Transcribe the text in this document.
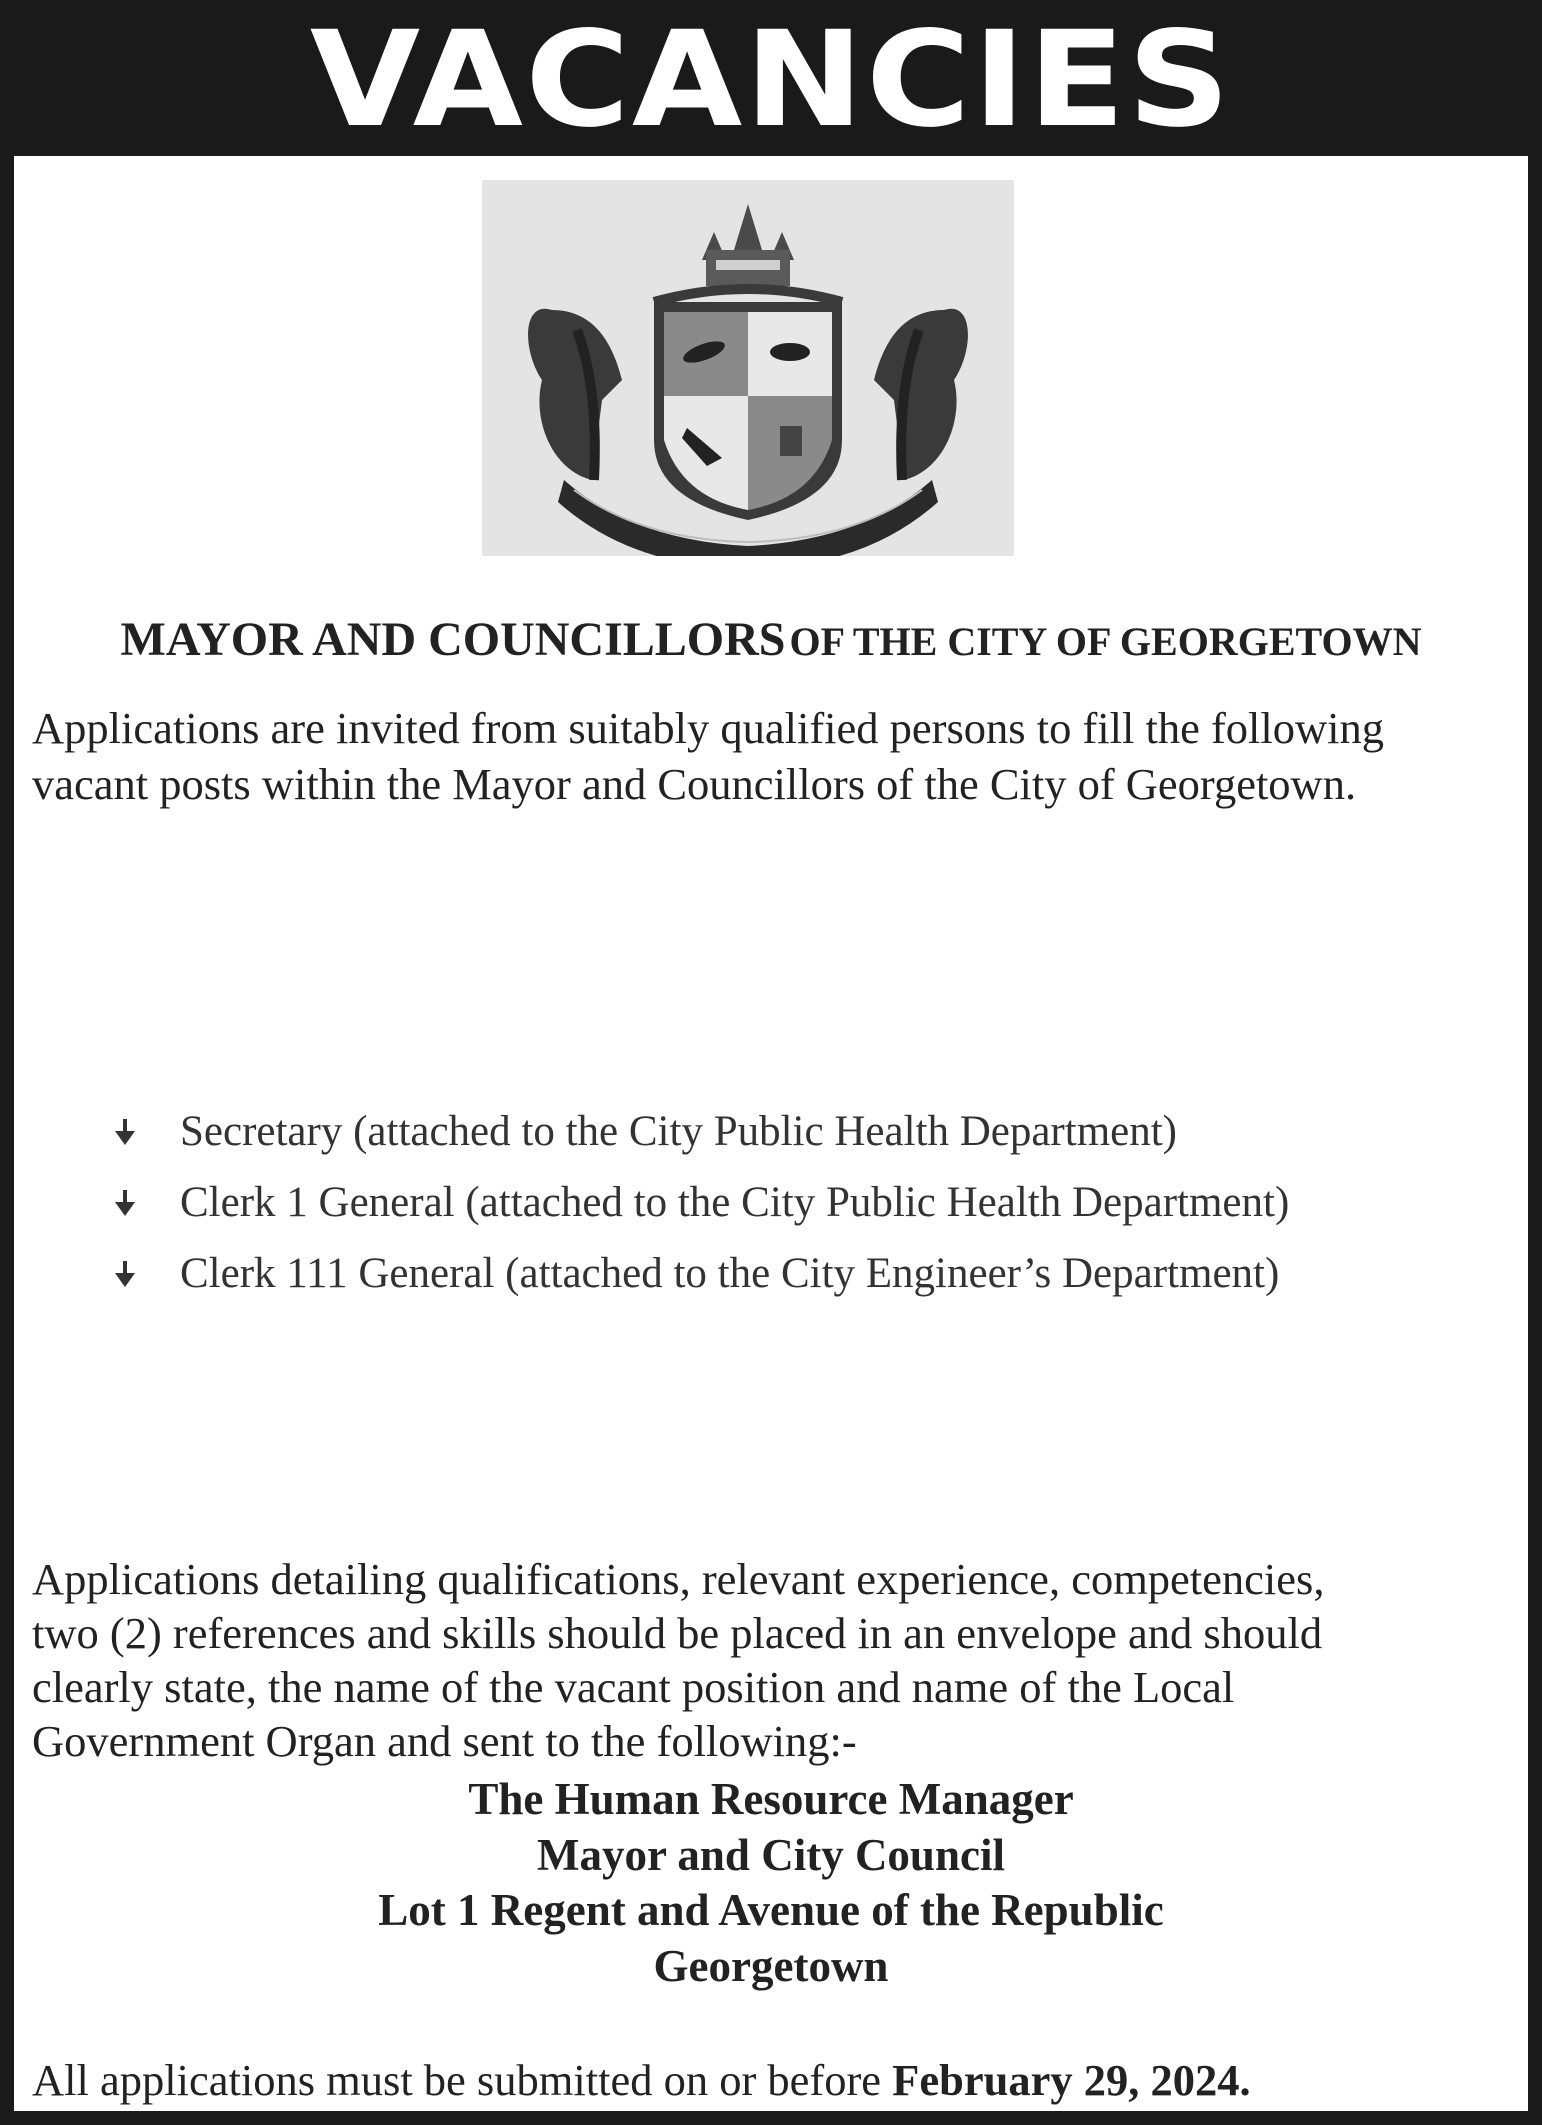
VACANCIES
MAYOR AND COUNCILLORS OF THE CITY OF GEORGETOWN

Applications are invited from suitably qualified persons to fill the following

vacant posts within the Mayor and Councillors of the City of Georgetown.

Secretary (attached to the City Public Health Department)
Clerk 1 General (attached to the City Public Health Department)
Clerk 111 General (attached to the City Engineer’s Department)

Applications detailing qualifications, relevant experience, competencies,

two (2) references and skills should be placed in an envelope and should

clearly state, the name of the vacant position and name of the Local

Government Organ and sent to the following:-

The Human Resource Manager
Mayor and City Council
Lot 1 Regent and Avenue of the Republic
Georgetown
All applications must be submitted on or before February 29, 2024.
